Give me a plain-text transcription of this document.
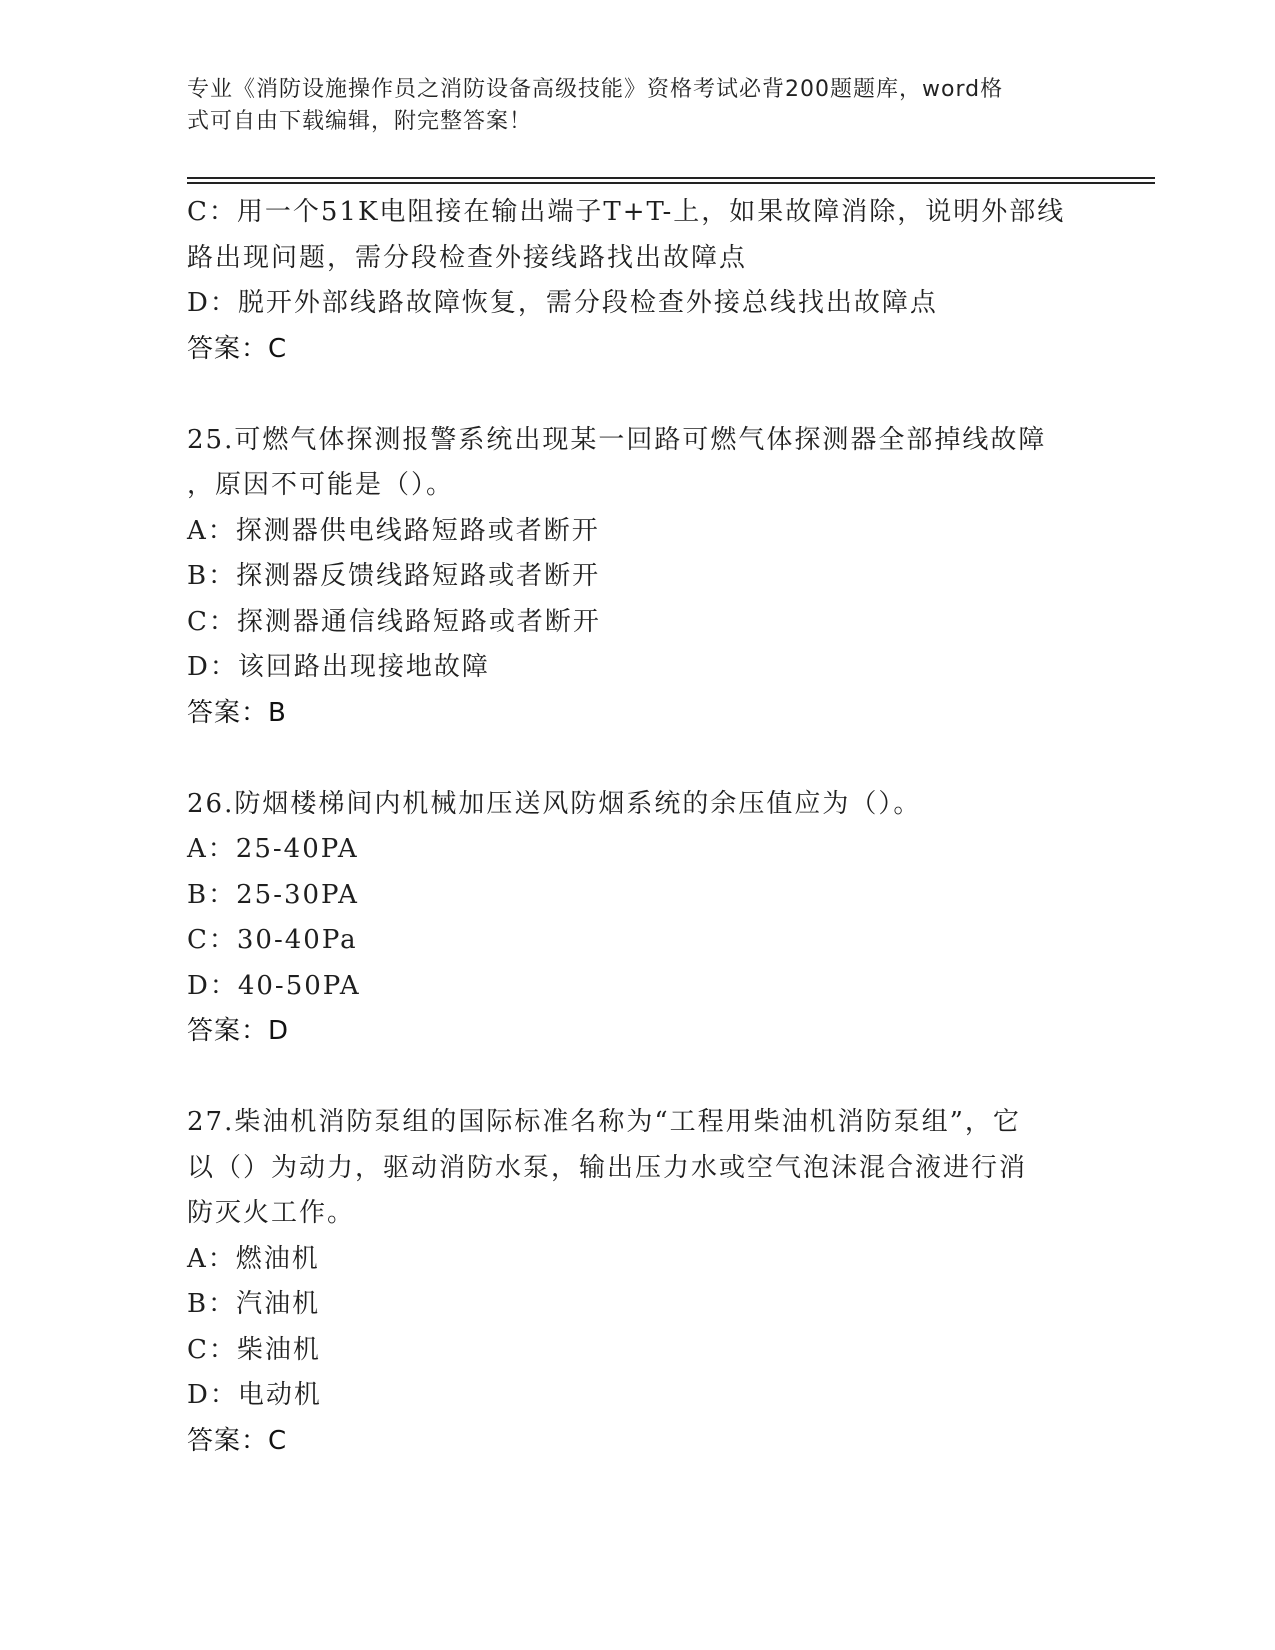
专业《消防设施操作员之消防设备高级技能》资格考试必背200题题库，word格
式可自由下载编辑，附完整答案！
C：用一个51K电阻接在输出端子T+T-上，如果故障消除，说明外部线
路出现问题，需分段检查外接线路找出故障点
D：脱开外部线路故障恢复，需分段检查外接总线找出故障点
答案：C
25.可燃气体探测报警系统出现某一回路可燃气体探测器全部掉线故障
，原因不可能是（）。
A：探测器供电线路短路或者断开
B：探测器反馈线路短路或者断开
C：探测器通信线路短路或者断开
D：该回路出现接地故障
答案：B
26.防烟楼梯间内机械加压送风防烟系统的余压值应为（）。
A：25-40PA
B：25-30PA
C：30-40Pa
D：40-50PA
答案：D
27.柴油机消防泵组的国际标准名称为“工程用柴油机消防泵组”，它
以（）为动力，驱动消防水泵，输出压力水或空气泡沫混合液进行消
防灭火工作。
A：燃油机
B：汽油机
C：柴油机
D：电动机
答案：C
